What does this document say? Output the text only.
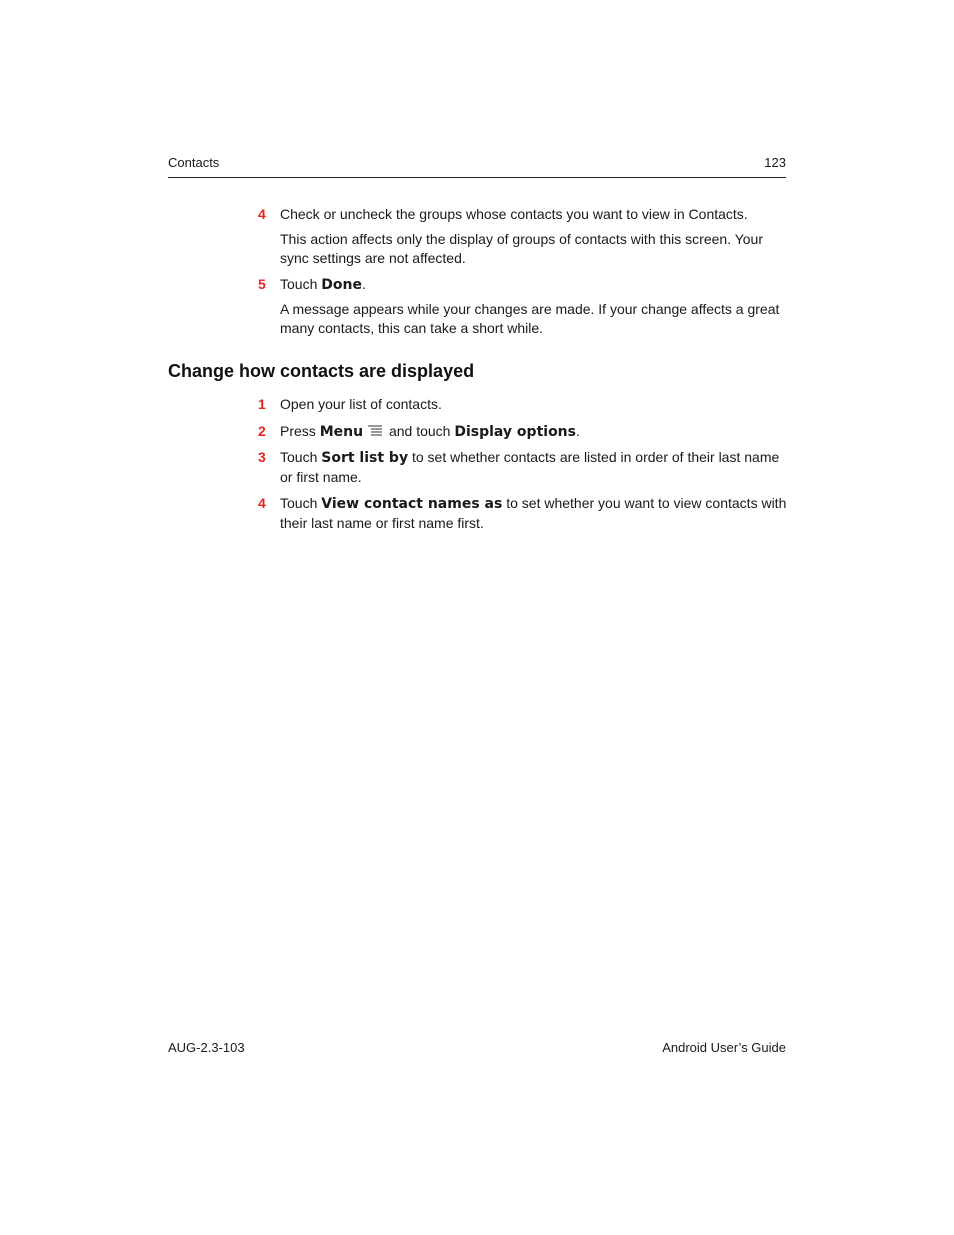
Contacts	123
4 Check or uncheck the groups whose contacts you want to view in Contacts.
This action affects only the display of groups of contacts with this screen. Your sync settings are not affected.
5 Touch Done.
A message appears while your changes are made. If your change affects a great many contacts, this can take a short while.
Change how contacts are displayed
1 Open your list of contacts.
2 Press Menu and touch Display options.
3 Touch Sort list by to set whether contacts are listed in order of their last name or first name.
4 Touch View contact names as to set whether you want to view contacts with their last name or first name first.
AUG-2.3-103	Android User’s Guide
